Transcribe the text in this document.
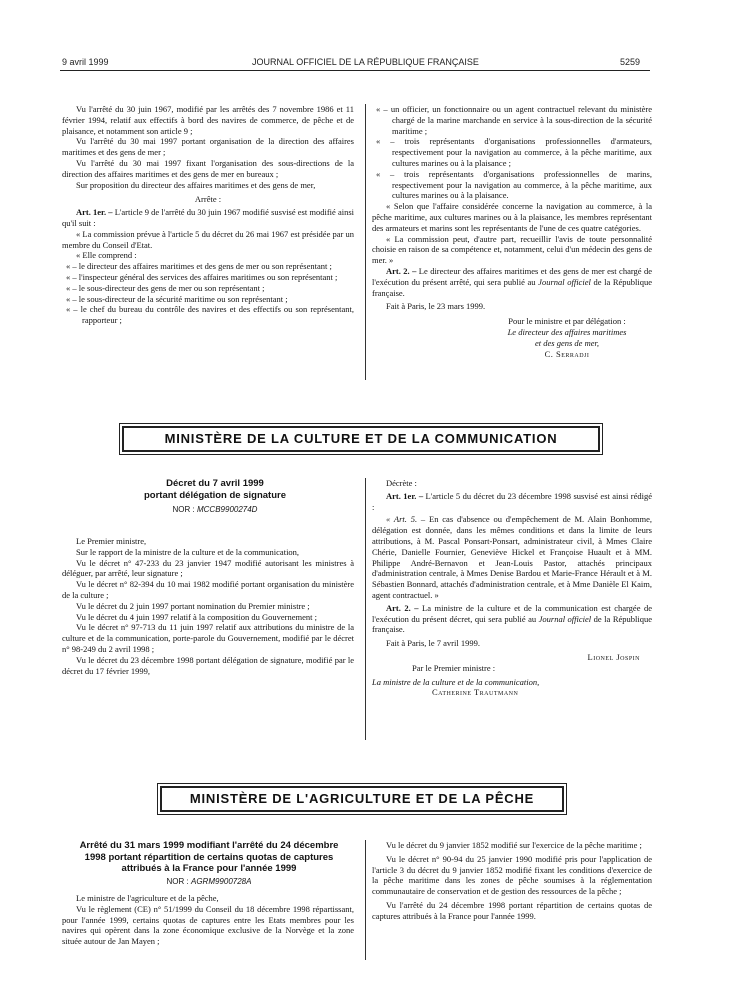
9 avril 1999	JOURNAL OFFICIEL DE LA RÉPUBLIQUE FRANÇAISE	5259

Vu l'arrêté du 30 juin 1967, modifié par les arrêtés des 7 novembre 1986 et 11 février 1994, relatif aux effectifs à bord des navires de commerce, de pêche et de plaisance, et notamment son article 9 ;

Vu l'arrêté du 30 mai 1997 portant organisation de la direction des affaires maritimes et des gens de mer ;

Vu l'arrêté du 30 mai 1997 fixant l'organisation des sous-directions de la direction des affaires maritimes et des gens de mer en bureaux ;

Sur proposition du directeur des affaires maritimes et des gens de mer,

Arrête :

Art. 1er. – L'article 9 de l'arrêté du 30 juin 1967 modifié susvisé est modifié ainsi qu'il suit :

« La commission prévue à l'article 5 du décret du 26 mai 1967 est présidée par un membre du Conseil d'Etat.

« Elle comprend :

« – le directeur des affaires maritimes et des gens de mer ou son représentant ;

« – l'inspecteur général des services des affaires maritimes ou son représentant ;

« – le sous-directeur des gens de mer ou son représentant ;

« – le sous-directeur de la sécurité maritime ou son représentant ;

« – le chef du bureau du contrôle des navires et des effectifs ou son représentant, rapporteur ;

« – un officier, un fonctionnaire ou un agent contractuel relevant du ministère chargé de la marine marchande en service à la sous-direction de la sécurité maritime ;

« – trois représentants d'organisations professionnelles d'armateurs, respectivement pour la navigation au commerce, à la pêche maritime, aux cultures marines ou à la plaisance ;

« – trois représentants d'organisations professionnelles de marins, respectivement pour la navigation au commerce, à la pêche maritime, aux cultures marines ou à la plaisance.

« Selon que l'affaire considérée concerne la navigation au commerce, à la pêche maritime, aux cultures marines ou à la plaisance, les membres représentant des armateurs et marins sont les représentants de l'une de ces quatre catégories.

« La commission peut, d'autre part, recueillir l'avis de toute personnalité choisie en raison de sa compétence et, notamment, celui d'un médecin des gens de mer. »

Art. 2. – Le directeur des affaires maritimes et des gens de mer est chargé de l'exécution du présent arrêté, qui sera publié au Journal officiel de la République française.

Fait à Paris, le 23 mars 1999.

Pour le ministre et par délégation :

Le directeur des affaires maritimes

et des gens de mer,

C. Serradji

MINISTÈRE DE LA CULTURE ET DE LA COMMUNICATION

Décret du 7 avril 1999

portant délégation de signature

NOR : MCCB9900274D

Le Premier ministre,

Sur le rapport de la ministre de la culture et de la communication,

Vu le décret n° 47-233 du 23 janvier 1947 modifié autorisant les ministres à déléguer, par arrêté, leur signature ;

Vu le décret n° 82-394 du 10 mai 1982 modifié portant organisation du ministère de la culture ;

Vu le décret du 2 juin 1997 portant nomination du Premier ministre ;

Vu le décret du 4 juin 1997 relatif à la composition du Gouvernement ;

Vu le décret n° 97-713 du 11 juin 1997 relatif aux attributions du ministre de la culture et de la communication, porte-parole du Gouvernement, modifié par le décret n° 98-249 du 2 avril 1998 ;

Vu le décret du 23 décembre 1998 portant délégation de signature, modifié par le décret du 17 février 1999,

Décrète :

Art. 1er. – L'article 5 du décret du 23 décembre 1998 susvisé est ainsi rédigé :

« Art. 5. – En cas d'absence ou d'empêchement de M. Alain Bonhomme, délégation est donnée, dans les mêmes conditions et dans la limite de leurs attributions, à M. Pascal Ponsart-Ponsart, administrateur civil, à Mmes Claire Chérie, Danielle Fournier, Geneviève Hickel et Françoise Huault et à MM. Philippe André-Bernavon et Jean-Louis Pastor, attachés principaux d'administration centrale, à Mmes Denise Bardou et Marie-France Hérault et à M. Sébastien Bonnard, attachés d'administration centrale, et à Mme Danièle El Kaim, agent contractuel. »

Art. 2. – La ministre de la culture et de la communication est chargée de l'exécution du présent décret, qui sera publié au Journal officiel de la République française.

Fait à Paris, le 7 avril 1999.

Lionel Jospin

Par le Premier ministre :

La ministre de la culture et de la communication,

Catherine Trautmann

MINISTÈRE DE L'AGRICULTURE ET DE LA PÊCHE

Arrêté du 31 mars 1999 modifiant l'arrêté du 24 décembre

1998 portant répartition de certains quotas de captures

attribués à la France pour l'année 1999

NOR : AGRM9900728A

Le ministre de l'agriculture et de la pêche,

Vu le règlement (CE) n° 51/1999 du Conseil du 18 décembre 1998 répartissant, pour l'année 1999, certains quotas de captures entre les Etats membres pour les navires qui opèrent dans la zone économique exclusive de la Norvège et la zone située autour de Jan Mayen ;

Vu le décret du 9 janvier 1852 modifié sur l'exercice de la pêche maritime ;

Vu le décret n° 90-94 du 25 janvier 1990 modifié pris pour l'application de l'article 3 du décret du 9 janvier 1852 modifié fixant les conditions d'exercice de la pêche maritime dans les zones de pêche soumises à la réglementation communautaire de conservation et de gestion des ressources de la pêche ;

Vu l'arrêté du 24 décembre 1998 portant répartition de certains quotas de captures attribués à la France pour l'année 1999.
